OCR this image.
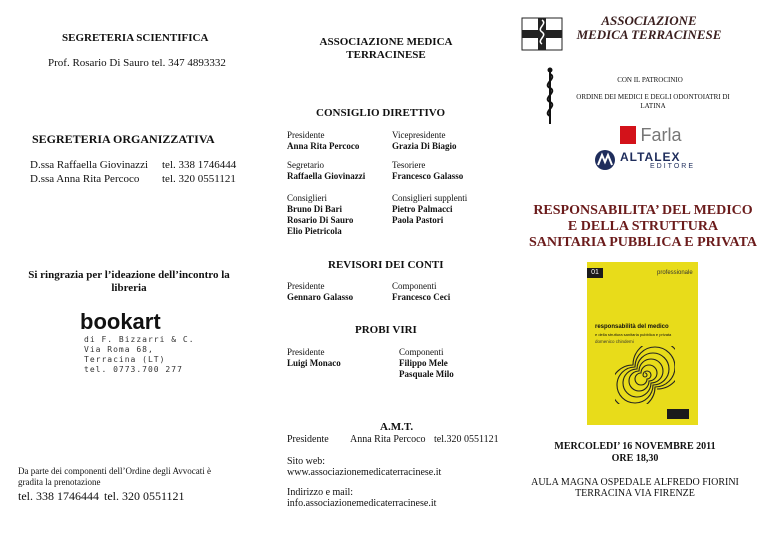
SEGRETERIA SCIENTIFICA
Prof. Rosario Di Sauro tel. 347 4893332
SEGRETERIA ORGANIZZATIVA
D.ssa Raffaella Giovinazzi tel. 338 1746444
D.ssa Anna Rita Percoco tel. 320 0551121
Si ringrazia per l’ideazione dell’incontro la libreria
bookart
di F. Bizzarri & C.
Via Roma 68,
Terracina (LT)
tel. 0773.700 277
Da parte dei componenti dell’Ordine degli Avvocati è gradita la prenotazione
tel. 338 1746444 tel. 320 0551121
ASSOCIAZIONE MEDICA TERRACINESE
CONSIGLIO DIRETTIVO
Presidente
Anna Rita Percoco
Vicepresidente
Grazia Di Biagio
Segretario
Raffaella Giovinazzi
Tesoriere
Francesco Galasso
Consiglieri
Bruno Di Bari
Rosario Di Sauro
Elio Pietricola
Consiglieri supplenti
Pietro Palmacci
Paola Pastori
REVISORI DEI CONTI
Presidente
Gennaro Galasso
Componenti
Francesco Ceci
PROBI VIRI
Presidente
Luigi Monaco
Componenti
Filippo Mele
Pasquale Milo
A.M.T.
Presidente Anna Rita Percoco tel.320 0551121
Sito web:
www.associazionemedicaterracinese.it
Indirizzo e mail:
info.associazionemedicaterracinese.it
ASSOCIAZIONE MEDICA TERRACINESE
CON IL PATROCINIO
ORDINE DEI MEDICI E DEGLI ODONTOIATRI DI LATINA
Farla
ALTALEX
EDITORE
RESPONSABILITA’ DEL MEDICO E DELLA STRUTTURA SANITARIA PUBBLICA E PRIVATA
01	professionale
responsabilità del medico
e della struttura sanitaria pubblica e privata
domenico chindemi
MERCOLEDI’ 16 NOVEMBRE 2011
ORE 18,30
AULA MAGNA OSPEDALE ALFREDO FIORINI TERRACINA VIA FIRENZE
